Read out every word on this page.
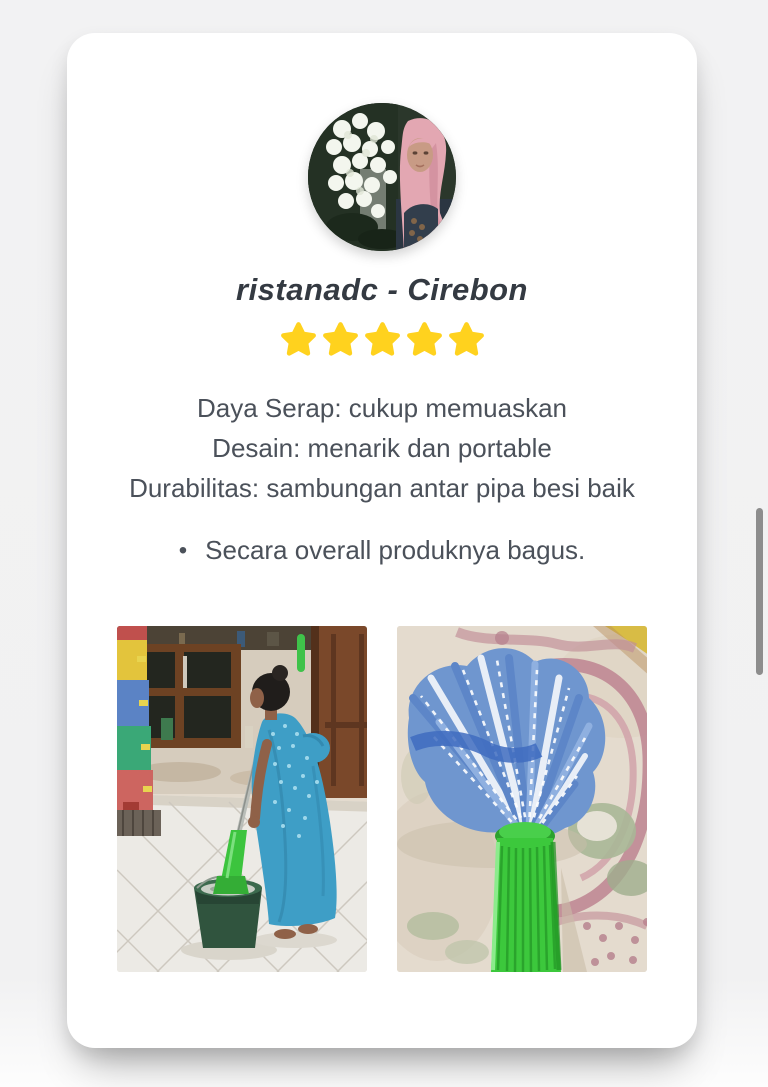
ristanadc - Cirebon
Daya Serap: cukup memuaskan
Desain: menarik dan portable
Durabilitas: sambungan antar pipa besi baik
• Secara overall produknya bagus.
